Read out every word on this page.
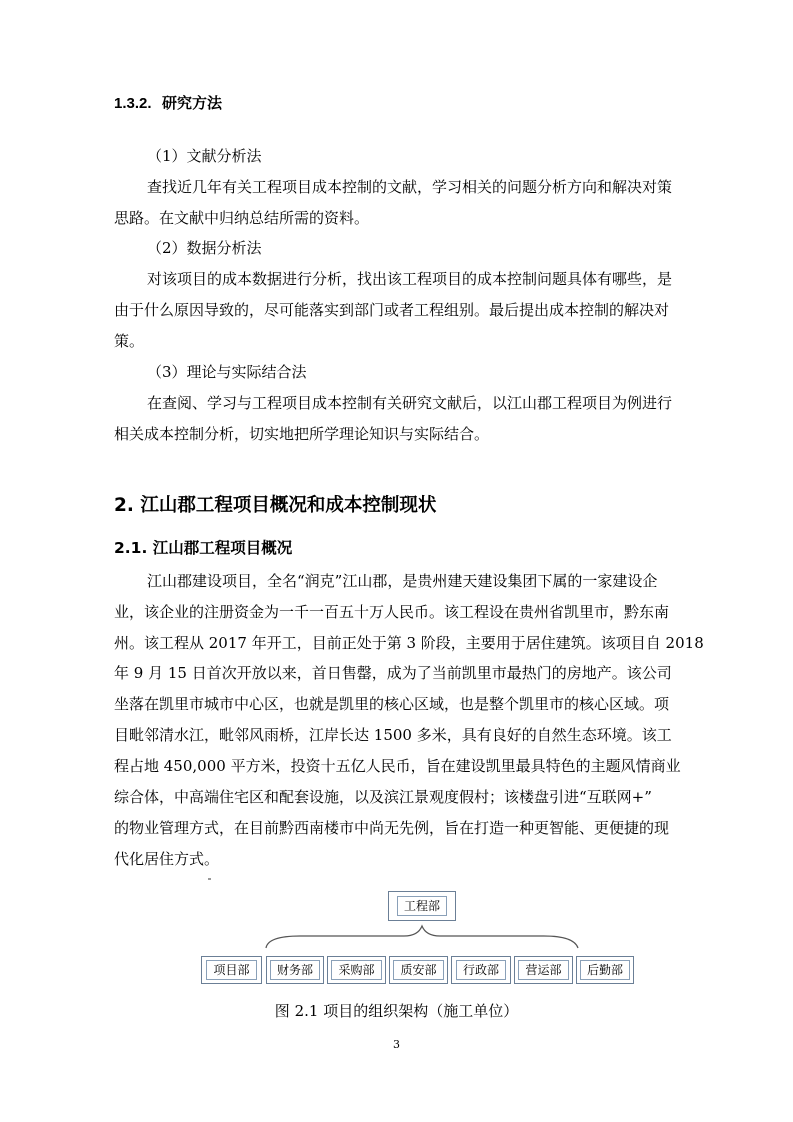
1.3.2. 研究方法
（1）文献分析法
查找近几年有关工程项目成本控制的文献，学习相关的问题分析方向和解决对策
思路。在文献中归纳总结所需的资料。
（2）数据分析法
对该项目的成本数据进行分析，找出该工程项目的成本控制问题具体有哪些，是
由于什么原因导致的，尽可能落实到部门或者工程组别。最后提出成本控制的解决对
策。
（3）理论与实际结合法
在查阅、学习与工程项目成本控制有关研究文献后，以江山郡工程项目为例进行
相关成本控制分析，切实地把所学理论知识与实际结合。
2. 江山郡工程项目概况和成本控制现状
2.1. 江山郡工程项目概况
江山郡建设项目，全名“润克”江山郡，是贵州建天建设集团下属的一家建设企
业，该企业的注册资金为一千一百五十万人民币。该工程设在贵州省凯里市，黔东南
州。该工程从 2017 年开工，目前正处于第 3 阶段，主要用于居住建筑。该项目自 2018
年 9 月 15 日首次开放以来，首日售罄，成为了当前凯里市最热门的房地产。该公司
坐落在凯里市城市中心区，也就是凯里的核心区域，也是整个凯里市的核心区域。项
目毗邻清水江，毗邻风雨桥，江岸长达 1500 多米，具有良好的自然生态环境。该工
程占地 450,000 平方米，投资十五亿人民币，旨在建设凯里最具特色的主题风情商业
综合体，中高端住宅区和配套设施，以及滨江景观度假村；该楼盘引进“互联网+”
的物业管理方式，在目前黔西南楼市中尚无先例，旨在打造一种更智能、更便捷的现
代化居住方式。
工程部
项目部	财务部	采购部	质安部	行政部	营运部	后勤部
图 2.1 项目的组织架构（施工单位）
3
